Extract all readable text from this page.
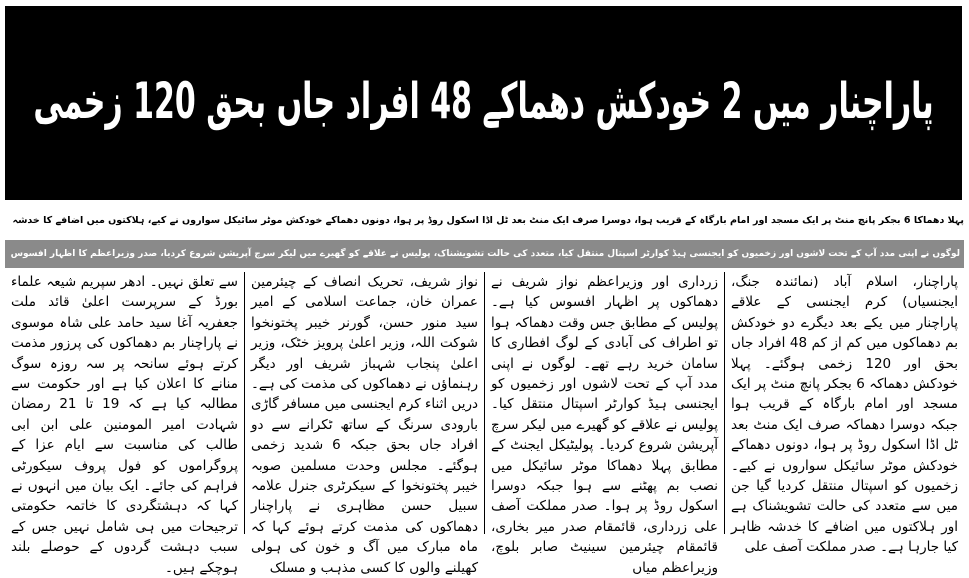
پاراچنار میں 2 خودکش دھماکے 48 افراد جاں بحق 120 زخمی
پہلا دھماکا 6 بجکر پانچ منٹ پر ایک مسجد اور امام بارگاہ کے قریب ہوا، دوسرا صرف ایک منٹ بعد ٹل اڈا اسکول روڈ پر ہوا، دونوں دھماکے خودکش موٹر سائیکل سواروں نے کیے، ہلاکتوں میں اضافے کا خدشہ
لوگوں نے اپنی مدد آپ کے تحت لاشوں اور زخمیوں کو ایجنسی ہیڈ کوارٹر اسپتال منتقل کیا، متعدد کی حالت تشویشناک، پولیس نے علاقے کو گھیرے میں لیکر سرچ آپریشن شروع کردیا، صدر وزیراعظم کا اظہار افسوس
پاراچنار، اسلام آباد (نمائندہ جنگ، ایجنسیاں) کرم ایجنسی کے علاقے پاراچنار میں یکے بعد دیگرے دو خودکش بم دھماکوں میں کم از کم 48 افراد جاں بحق اور 120 زخمی ہوگئے۔ پہلا خودکش دھماکہ 6 بجکر پانچ منٹ پر ایک مسجد اور امام بارگاہ کے قریب ہوا جبکہ دوسرا دھماکہ صرف ایک منٹ بعد ٹل اڈا اسکول روڈ پر ہوا، دونوں دھماکے خودکش موٹر سائیکل سواروں نے کیے۔ زخمیوں کو اسپتال منتقل کردیا گیا جن میں سے متعدد کی حالت تشویشناک ہے اور ہلاکتوں میں اضافے کا خدشہ ظاہر کیا جارہا ہے۔ صدر مملکت آصف علی
زرداری اور وزیراعظم نواز شریف نے دھماکوں پر اظہار افسوس کیا ہے۔ پولیس کے مطابق جس وقت دھماکہ ہوا تو اطراف کی آبادی کے لوگ افطاری کا سامان خرید رہے تھے۔ لوگوں نے اپنی مدد آپ کے تحت لاشوں اور زخمیوں کو ایجنسی ہیڈ کوارٹر اسپتال منتقل کیا۔ پولیس نے علاقے کو گھیرے میں لیکر سرچ آپریشن شروع کردیا۔ پولیٹیکل ایجنٹ کے مطابق پہلا دھماکا موٹر سائیکل میں نصب بم پھٹنے سے ہوا جبکہ دوسرا اسکول روڈ پر ہوا۔ صدر مملکت آصف علی زرداری، قائمقام صدر میر بخاری، قائمقام چیئرمین سینیٹ صابر بلوچ، وزیراعظم میاں
نواز شریف، تحریک انصاف کے چیئرمین عمران خان، جماعت اسلامی کے امیر سید منور حسن، گورنر خیبر پختونخوا شوکت اللہ، وزیر اعلیٰ پرویز خٹک، وزیر اعلیٰ پنجاب شہباز شریف اور دیگر رہنماؤں نے دھماکوں کی مذمت کی ہے۔ دریں اثناء کرم ایجنسی میں مسافر گاڑی بارودی سرنگ کے ساتھ ٹکرانے سے دو افراد جاں بحق جبکہ 6 شدید زخمی ہوگئے۔ مجلس وحدت مسلمین صوبہ خیبر پختونخوا کے سیکرٹری جنرل علامہ سبیل حسن مظاہری نے پاراچنار دھماکوں کی مذمت کرتے ہوئے کہا کہ ماہ مبارک میں آگ و خون کی ہولی کھیلنے والوں کا کسی مذہب و مسلک
سے تعلق نہیں۔ ادھر سپریم شیعہ علماء بورڈ کے سرپرست اعلیٰ قائد ملت جعفریہ آغا سید حامد علی شاہ موسوی نے پاراچنار بم دھماکوں کی پرزور مذمت کرتے ہوئے سانحہ پر سہ روزہ سوگ منانے کا اعلان کیا ہے اور حکومت سے مطالبہ کیا ہے کہ 19 تا 21 رمضان شہادت امیر المومنین علی ابن ابی طالب کی مناسبت سے ایام عزا کے پروگراموں کو فول پروف سیکورٹی فراہم کی جائے۔ ایک بیان میں انہوں نے کہا کہ دہشتگردی کا خاتمہ حکومتی ترجیحات میں ہی شامل نہیں جس کے سبب دہشت گردوں کے حوصلے بلند ہوچکے ہیں۔
